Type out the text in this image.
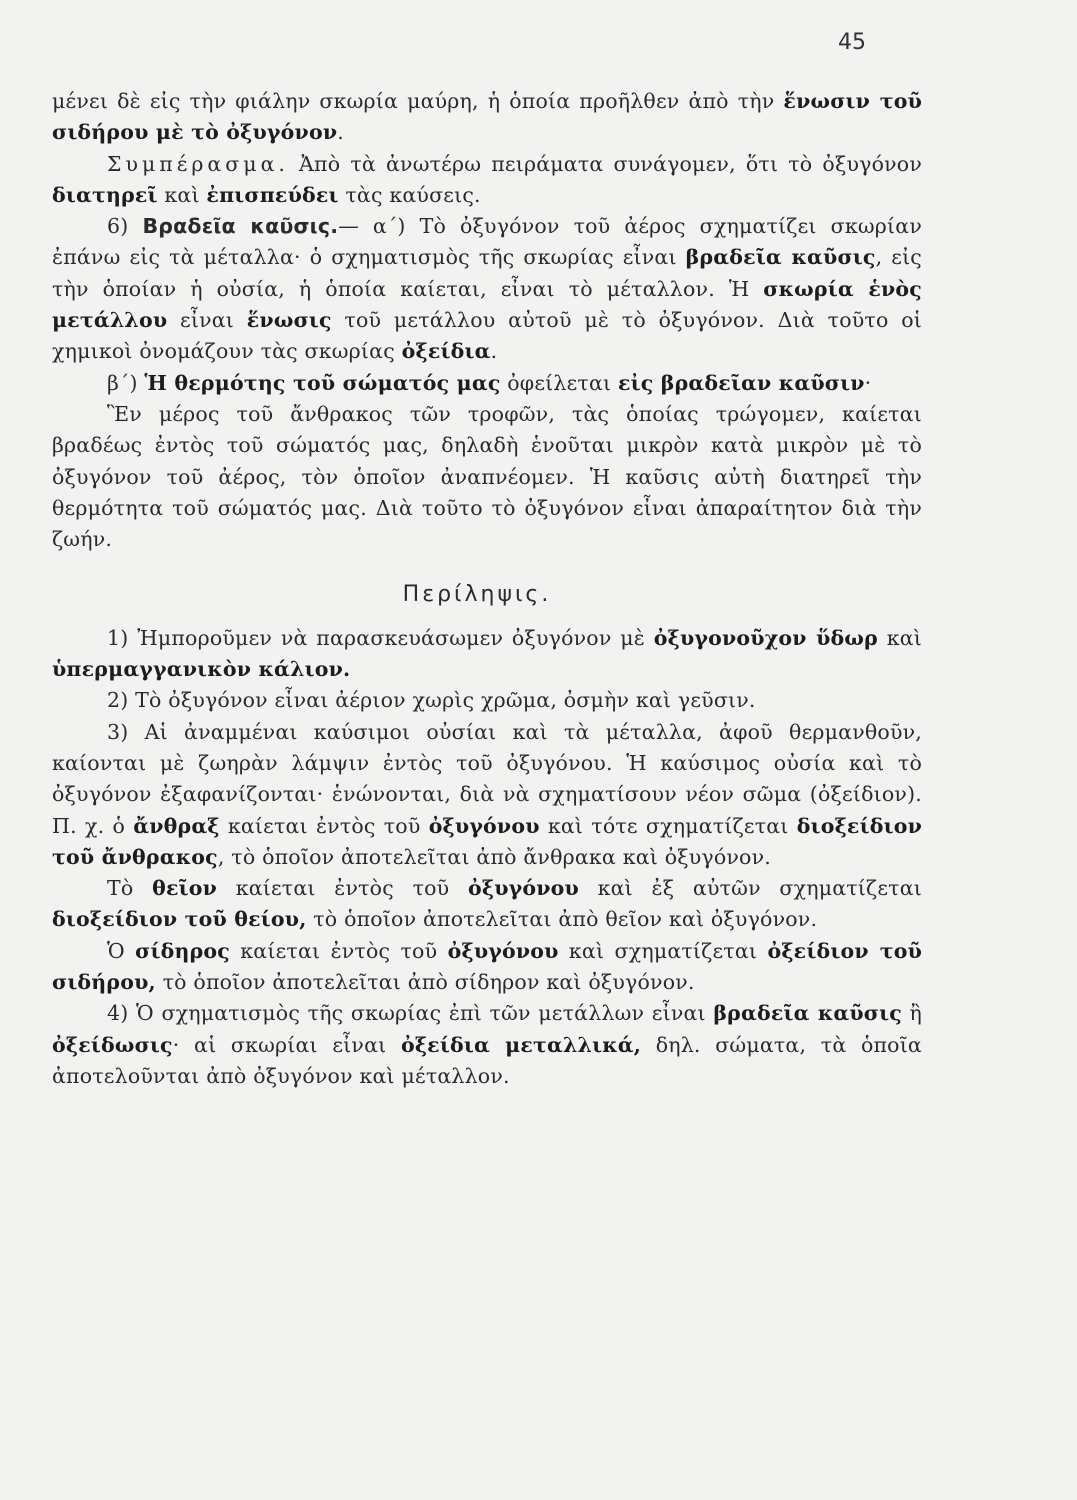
45

μένει δὲ εἰς τὴν φιάλην σκωρία μαύρη, ἡ ὁποία προῆλθεν ἀπὸ τὴν ἕνωσιν τοῦ σιδήρου μὲ τὸ ὀξυγόνον.

Συμπέρασμα. Ἀπὸ τὰ ἀνωτέρω πειράματα συνάγομεν, ὅτι τὸ ὀξυγόνον διατηρεῖ καὶ ἐπισπεύδει τὰς καύσεις.

6) Βραδεῖα καῦσις.— α΄) Τὸ ὀξυγόνον τοῦ ἀέρος σχηματίζει σκωρίαν ἐπάνω εἰς τὰ μέταλλα· ὁ σχηματισμὸς τῆς σκωρίας εἶναι βραδεῖα καῦσις, εἰς τὴν ὁποίαν ἡ οὐσία, ἡ ὁποία καίεται, εἶναι τὸ μέταλλον. Ἡ σκωρία ἑνὸς μετάλλου εἶναι ἕνωσις τοῦ μετάλλου αὐτοῦ μὲ τὸ ὀξυγόνον. Διὰ τοῦτο οἱ χημικοὶ ὀνομάζουν τὰς σκωρίας ὀξείδια.

β΄) Ἡ θερμότης τοῦ σώματός μας ὀφείλεται εἰς βραδεῖαν καῦσιν·

Ἓν μέρος τοῦ ἄνθρακος τῶν τροφῶν, τὰς ὁποίας τρώγομεν, καίεται βραδέως ἐντὸς τοῦ σώματός μας, δηλαδὴ ἑνοῦται μικρὸν κατὰ μικρὸν μὲ τὸ ὀξυγόνον τοῦ ἀέρος, τὸν ὁποῖον ἀναπνέομεν. Ἡ καῦσις αὐτὴ διατηρεῖ τὴν θερμότητα τοῦ σώματός μας. Διὰ τοῦτο τὸ ὀξυγόνον εἶναι ἀπαραίτητον διὰ τὴν ζωήν.

Περίληψις.

1) Ἠμποροῦμεν νὰ παρασκευάσωμεν ὀξυγόνον μὲ ὀξυγονοῦχον ὕδωρ καὶ ὑπερμαγγανικὸν κάλιον.

2) Τὸ ὀξυγόνον εἶναι ἀέριον χωρὶς χρῶμα, ὀσμὴν καὶ γεῦσιν.

3) Αἱ ἀναμμέναι καύσιμοι οὐσίαι καὶ τὰ μέταλλα, ἀφοῦ θερμανθοῦν, καίονται μὲ ζωηρὰν λάμψιν ἐντὸς τοῦ ὀξυγόνου. Ἡ καύσιμος οὐσία καὶ τὸ ὀξυγόνον ἐξαφανίζονται· ἑνώνονται, διὰ νὰ σχηματίσουν νέον σῶμα (ὀξείδιον). Π. χ. ὁ ἄνθραξ καίεται ἐντὸς τοῦ ὀξυγόνου καὶ τότε σχηματίζεται διοξείδιον τοῦ ἄνθρακος, τὸ ὁποῖον ἀποτελεῖται ἀπὸ ἄνθρακα καὶ ὀξυγόνον.

Τὸ θεῖον καίεται ἐντὸς τοῦ ὀξυγόνου καὶ ἐξ αὐτῶν σχηματίζεται διοξείδιον τοῦ θείου, τὸ ὁποῖον ἀποτελεῖται ἀπὸ θεῖον καὶ ὀξυγόνον.

Ὁ σίδηρος καίεται ἐντὸς τοῦ ὀξυγόνου καὶ σχηματίζεται ὀξείδιον τοῦ σιδήρου, τὸ ὁποῖον ἀποτελεῖται ἀπὸ σίδηρον καὶ ὀξυγόνον.

4) Ὁ σχηματισμὸς τῆς σκωρίας ἐπὶ τῶν μετάλλων εἶναι βραδεῖα καῦσις ἢ ὀξείδωσις· αἱ σκωρίαι εἶναι ὀξείδια μεταλλικά, δηλ. σώματα, τὰ ὁποῖα ἀποτελοῦνται ἀπὸ ὀξυγόνον καὶ μέταλλον.
